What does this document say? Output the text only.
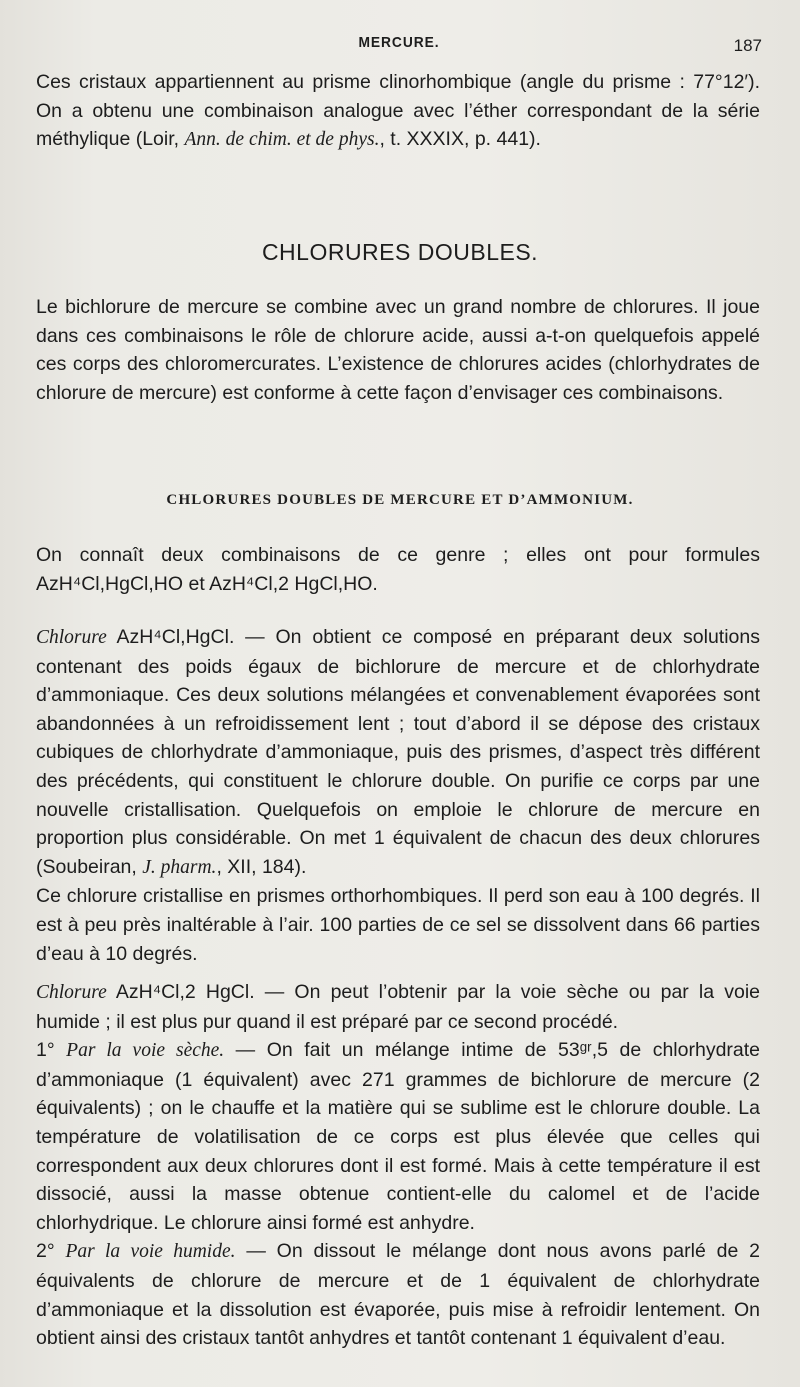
MERCURE.	187

Ces cristaux appartiennent au prisme clinorhombique (angle du prisme : 77°12′). On a obtenu une combinaison analogue avec l’éther correspondant de la série méthylique (Loir, Ann. de chim. et de phys., t. XXXIX, p. 441).

CHLORURES DOUBLES.

Le bichlorure de mercure se combine avec un grand nombre de chlorures. Il joue dans ces combinaisons le rôle de chlorure acide, aussi a-t-on quelquefois appelé ces corps des chloromercurates. L’existence de chlorures acides (chlorhydrates de chlorure de mercure) est conforme à cette façon d’envisager ces combinaisons.

CHLORURES DOUBLES DE MERCURE ET D’AMMONIUM.

On connaît deux combinaisons de ce genre ; elles ont pour formules AzH⁴Cl,HgCl,HO et AzH⁴Cl,2 HgCl,HO.

Chlorure AzH⁴Cl,HgCl. — On obtient ce composé en préparant deux solutions contenant des poids égaux de bichlorure de mercure et de chlorhydrate d’ammoniaque. Ces deux solutions mélangées et convenablement évaporées sont abandonnées à un refroidissement lent ; tout d’abord il se dépose des cristaux cubiques de chlorhydrate d’ammoniaque, puis des prismes, d’aspect très différent des précédents, qui constituent le chlorure double. On purifie ce corps par une nouvelle cristallisation. Quelquefois on emploie le chlorure de mercure en proportion plus considérable. On met 1 équivalent de chacun des deux chlorures (Soubeiran, J. pharm., XII, 184).

Ce chlorure cristallise en prismes orthorhombiques. Il perd son eau à 100 degrés. Il est à peu près inaltérable à l’air. 100 parties de ce sel se dissolvent dans 66 parties d’eau à 10 degrés.

Chlorure AzH⁴Cl,2 HgCl. — On peut l’obtenir par la voie sèche ou par la voie humide ; il est plus pur quand il est préparé par ce second procédé.

1° Par la voie sèche. — On fait un mélange intime de 53ᵍʳ,5 de chlorhydrate d’ammoniaque (1 équivalent) avec 271 grammes de bichlorure de mercure (2 équivalents) ; on le chauffe et la matière qui se sublime est le chlorure double. La température de volatilisation de ce corps est plus élevée que celles qui correspondent aux deux chlorures dont il est formé. Mais à cette température il est dissocié, aussi la masse obtenue contient-elle du calomel et de l’acide chlorhydrique. Le chlorure ainsi formé est anhydre.

2° Par la voie humide. — On dissout le mélange dont nous avons parlé de 2 équivalents de chlorure de mercure et de 1 équivalent de chlorhydrate d’ammoniaque et la dissolution est évaporée, puis mise à refroidir lentement. On obtient ainsi des cristaux tantôt anhydres et tantôt contenant 1 équivalent d’eau.
